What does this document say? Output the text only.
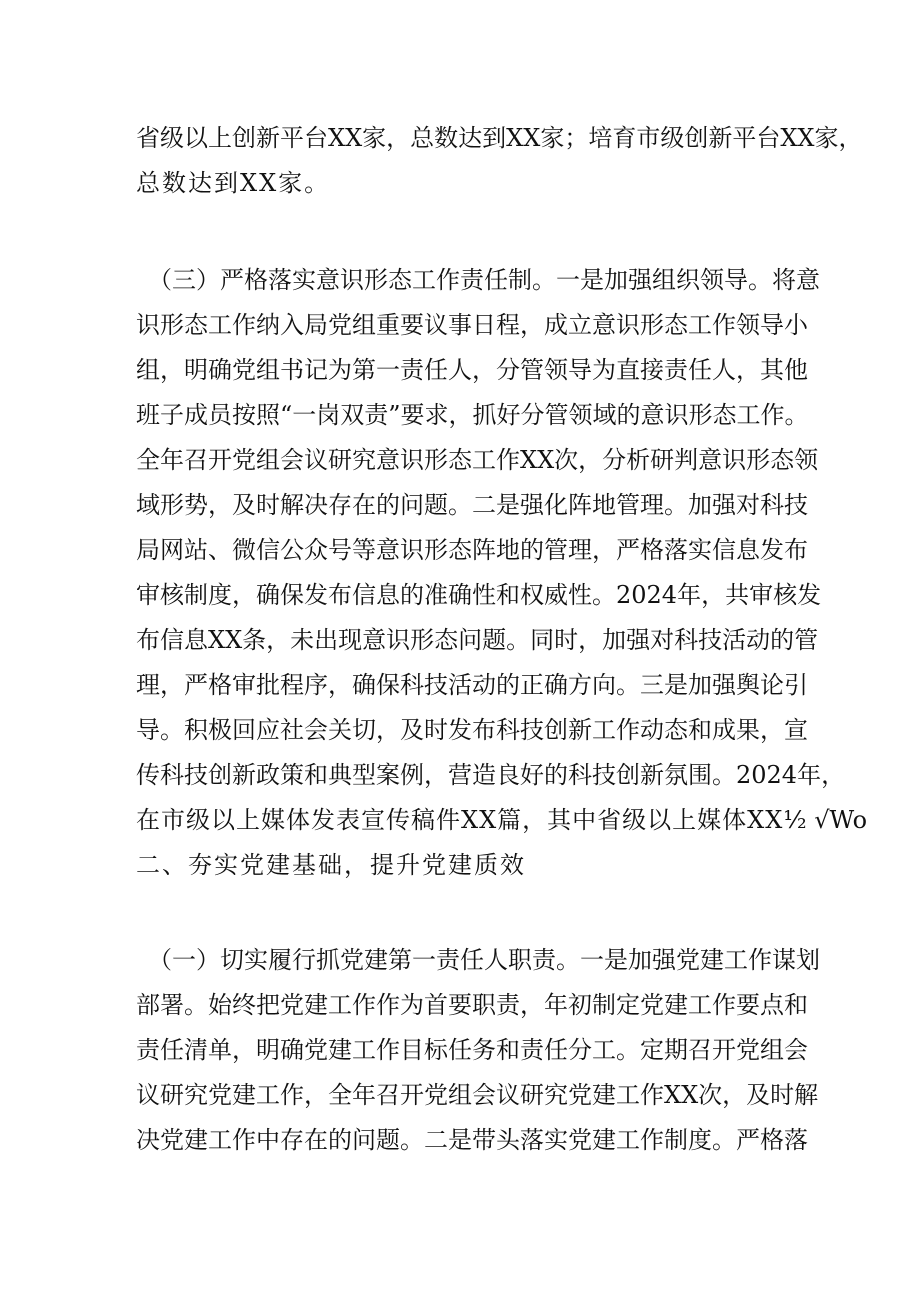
省级以上创新平台XX家，总数达到XX家；培育市级创新平台XX家，

总数达到XX家。

（三）严格落实意识形态工作责任制。一是加强组织领导。将意

识形态工作纳入局党组重要议事日程，成立意识形态工作领导小

组，明确党组书记为第一责任人，分管领导为直接责任人，其他

班子成员按照“一岗双责”要求，抓好分管领域的意识形态工作。

全年召开党组会议研究意识形态工作XX次，分析研判意识形态领

域形势，及时解决存在的问题。二是强化阵地管理。加强对科技

局网站、微信公众号等意识形态阵地的管理，严格落实信息发布

审核制度，确保发布信息的准确性和权威性。2024年，共审核发

布信息XX条，未出现意识形态问题。同时，加强对科技活动的管

理，严格审批程序，确保科技活动的正确方向。三是加强舆论引

导。积极回应社会关切，及时发布科技创新工作动态和成果，宣

传科技创新政策和典型案例，营造良好的科技创新氛围。2024年，

在市级以上媒体发表宣传稿件XX篇，其中省级以上媒体XX½ √Wo

二、夯实党建基础，提升党建质效

（一）切实履行抓党建第一责任人职责。一是加强党建工作谋划

部署。始终把党建工作作为首要职责，年初制定党建工作要点和

责任清单，明确党建工作目标任务和责任分工。定期召开党组会

议研究党建工作，全年召开党组会议研究党建工作XX次，及时解

决党建工作中存在的问题。二是带头落实党建工作制度。严格落
